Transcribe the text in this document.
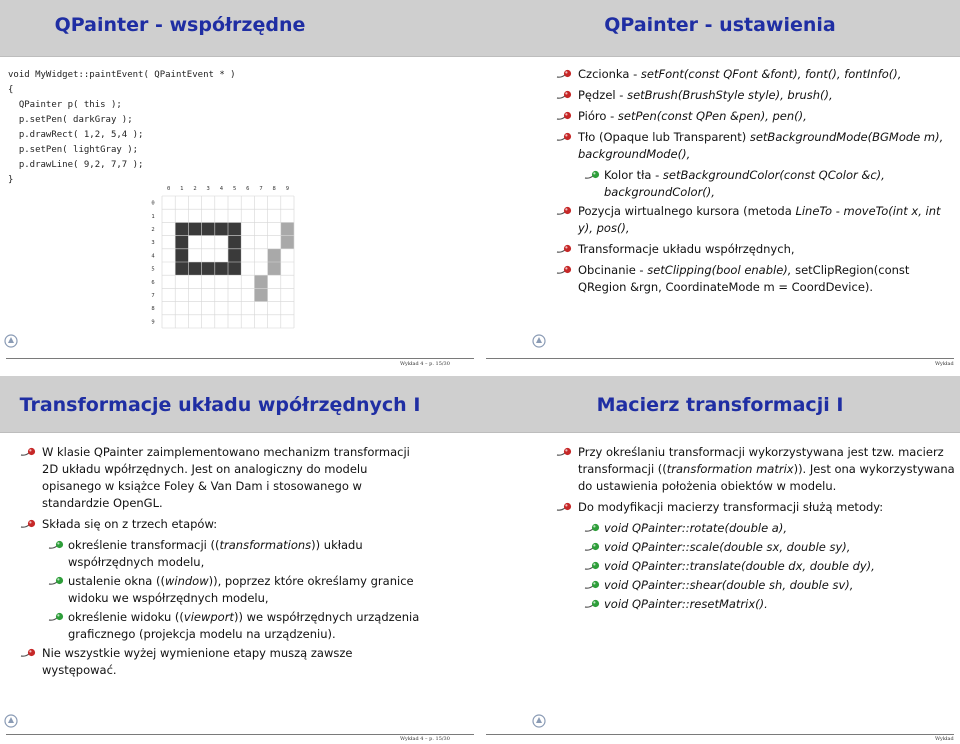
QPainter - współrzędne
void MyWidget::paintEvent( QPaintEvent * )
{
QPainter p( this );
p.setPen( darkGray );
p.drawRect( 1,2, 5,4 );
p.setPen( lightGray );
p.drawLine( 9,2, 7,7 );
}
0 1 2 3 4 5 6 7 8 9
0
1
2
3
4
5
6
7
8
9
Wykład 4 – p. 15/30
QPainter - ustawienia
Czcionka - setFont(const QFont &font), font(), fontInfo(),
Pędzel - setBrush(BrushStyle style), brush(),
Pióro - setPen(const QPen &pen), pen(),
Tło (Opaque lub Transparent) setBackgroundMode(BGMode m), backgroundMode(),
Kolor tła - setBackgroundColor(const QColor &c), backgroundColor(),
Pozycja wirtualnego kursora (metoda LineTo - moveTo(int x, int y), pos(),
Transformacje układu współrzędnych,
Obcinanie - setClipping(bool enable), setClipRegion(const QRegion &rgn, CoordinateMode m = CoordDevice).
Wykład
Transformacje układu wpółrzędnych I
W klasie QPainter zaimplementowano mechanizm transformacji 2D układu wpółrzędnych. Jest on analogiczny do modelu opisanego w książce Foley & Van Dam i stosowanego w standardzie OpenGL.
Składa się on z trzech etapów:
określenie transformacji ((transformations)) układu współrzędnych modelu,
ustalenie okna ((window)), poprzez które określamy granice widoku we współrzędnych modelu,
określenie widoku ((viewport)) we współrzędnych urządzenia graficznego (projekcja modelu na urządzeniu).
Nie wszystkie wyżej wymienione etapy muszą zawsze występować.
Wykład 4 – p. 15/30
Macierz transformacji I
Przy określaniu transformacji wykorzystywana jest tzw. macierz transformacji ((transformation matrix)). Jest ona wykorzystywana do ustawienia położenia obiektów w modelu.
Do modyfikacji macierzy transformacji służą metody:
void QPainter::rotate(double a),
void QPainter::scale(double sx, double sy),
void QPainter::translate(double dx, double dy),
void QPainter::shear(double sh, double sv),
void QPainter::resetMatrix().
Wykład
